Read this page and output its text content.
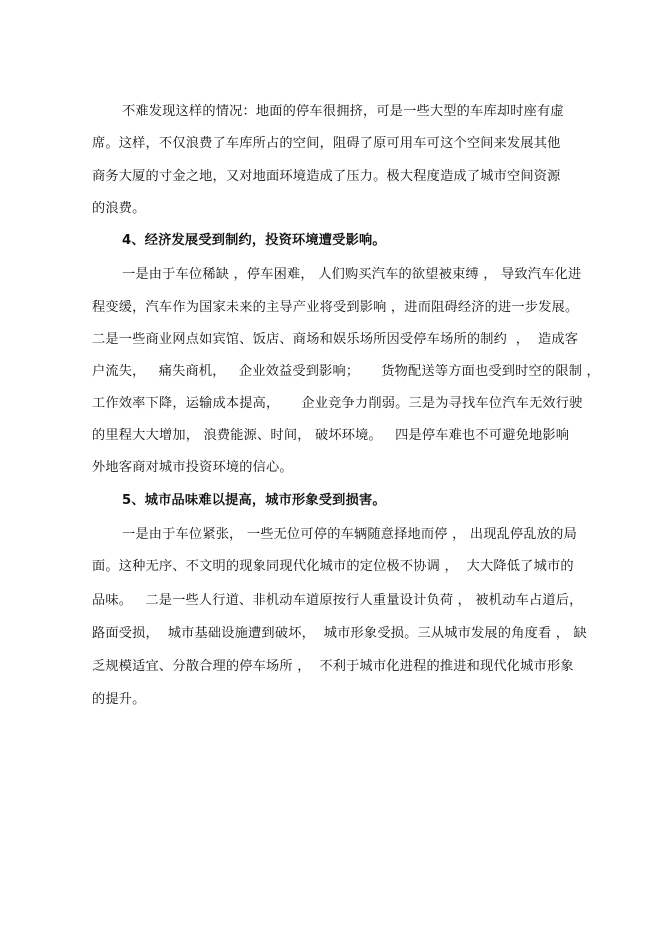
不难发现这样的情况：地面的停车很拥挤，可是一些大型的车库却时座有虚
席。这样，不仅浪费了车库所占的空间，阻碍了原可用车可这个空间来发展其他
商务大厦的寸金之地，又对地面环境造成了压力。极大程度造成了城市空间资源
的浪费。
4、经济发展受到制约，投资环境遭受影响。
一是由于车位稀缺 ，停车困难， 人们购买汽车的欲望被束缚 ， 导致汽车化进
程变缓，汽车作为国家未来的主导产业将受到影响 ，进而阻碍经济的进一步发展。
二是一些商业网点如宾馆、饭店、商场和娱乐场所因受停车场所的制约  ，  造成客
户流失，   痛失商机，   企业效益受到影响；     货物配送等方面也受到时空的限制 ，
工作效率下降，运输成本提高，     企业竞争力削弱。三是为寻找车位汽车无效行驶
的里程大大增加， 浪费能源、时间， 破坏环境。   四是停车难也不可避免地影响
外地客商对城市投资环境的信心。
5、城市品味难以提高，城市形象受到损害。
一是由于车位紧张， 一些无位可停的车辆随意择地而停 ， 出现乱停乱放的局
面。这种无序、不文明的现象同现代化城市的定位极不协调 ，  大大降低了城市的
品味。   二是一些人行道、非机动车道原按行人重量设计负荷 ， 被机动车占道后，
路面受损，  城市基础设施遭到破坏，  城市形象受损。三从城市发展的角度看 ， 缺
乏规模适宜、分散合理的停车场所 ，  不利于城市化进程的推进和现代化城市形象
的提升。
